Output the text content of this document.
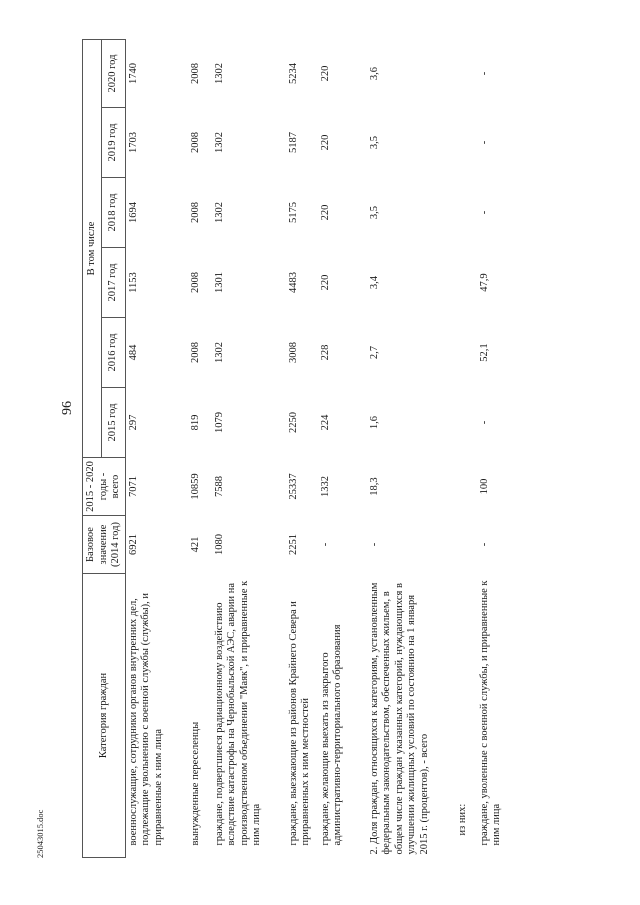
96
25043015.doc
Категория граждан	Базовое значение (2014 год)	2015 - 2020 годы - всего	В том числе					
			2015 год	2016 год	2017 год	2018 год	2019 год	2020 год
военнослужащие, сотрудники органов внутренних дел, подлежащие увольнению с военной службы (службы), и приравненные к ним лица	6921	7071	297	484	1153	1694	1703	1740
вынужденные переселенцы	421	10859	819	2008	2008	2008	2008	2008
граждане, подвергшиеся радиационному воздействию вследствие катастрофы на Чернобыльской АЭС, аварии на производственном объединении "Маяк", и приравненные к ним лица	1080	7588	1079	1302	1301	1302	1302	1302
граждане, выезжающие из районов Крайнего Севера и приравненных к ним местностей	2251	25337	2250	3008	4483	5175	5187	5234
граждане, желающие выехать из закрытого административно-территориального образования	-	1332	224	228	220	220	220	220
2. Доля граждан, относящихся к категориям, установленным федеральным законодательством, обеспеченных жильем, в общем числе граждан указанных категорий, нуждающихся в улучшении жилищных условий по состоянию на 1 января 2015 г. (процентов), - всего	-	18,3	1,6	2,7	3,4	3,5	3,5	3,6
из них:								
граждане, уволенные с военной службы, и приравненные к ним лица	-	100	-	52,1	47,9	-	-	-
